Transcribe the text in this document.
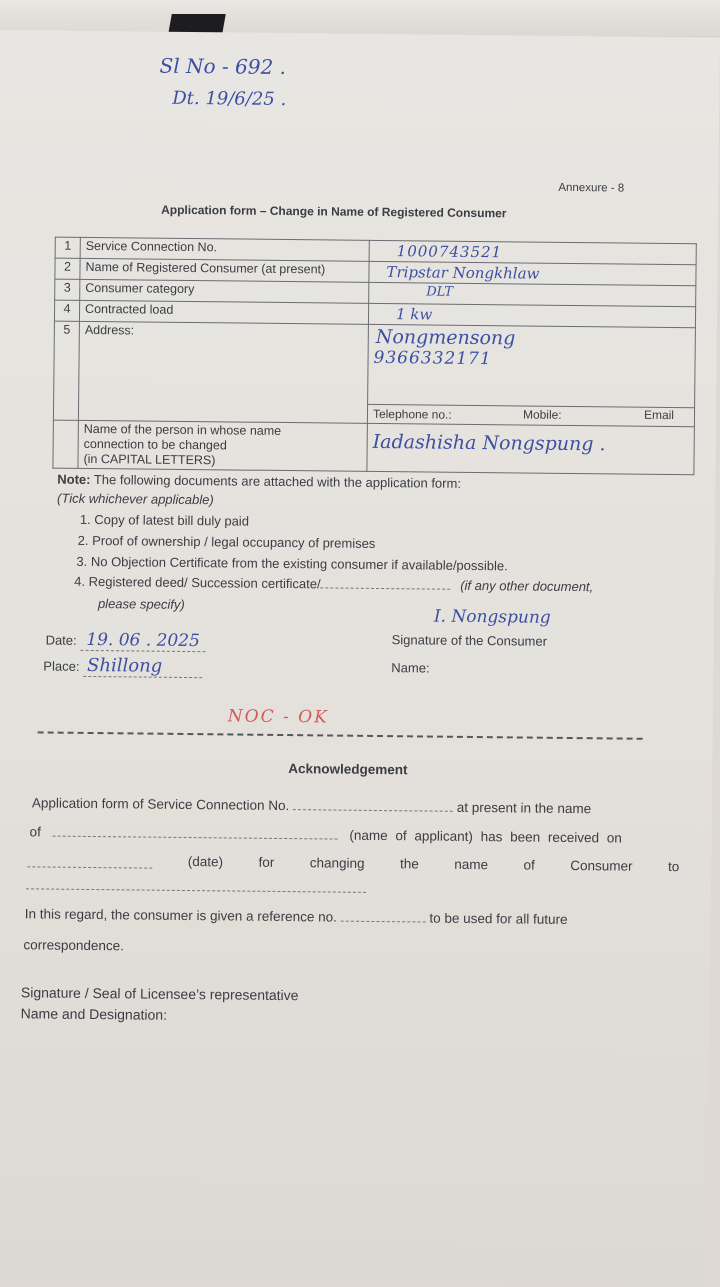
Sl No - 692 .
Dt. 19/6/25 .
Annexure - 8
Application form – Change in Name of Registered Consumer
1	Service Connection No.	1000743521
2	Name of Registered Consumer (at present)	Tripstar Nongkhlaw
3	Consumer category	DLT
4	Contracted load	1 kw
5	Address:	Nongmensong
9366332171
Telephone no.: Mobile: Email

	Name of the person in whose name
connection to be changed
(in CAPITAL LETTERS)	Iadashisha Nongspung .
Note: The following documents are attached with the application form:
(Tick whichever applicable)
1. Copy of latest bill duly paid
2. Proof of ownership / legal occupancy of premises
3. No Objection Certificate from the existing consumer if available/possible.
4. Registered deed/ Succession certificate/	(if any other document,
please specify)
Date: 19. 06 . 2025
Place: Shillong
I. Nongspung
Signature of the Consumer
Name:
NOC - OK
Acknowledgement
Application form of Service Connection No.	at present in the name
of	(name of applicant) has been received on
(date)	for	changing	the	name	of	Consumer	to
In this regard, the consumer is given a reference no.	to be used for all future
correspondence.
Signature / Seal of Licensee’s representative
Name and Designation:
